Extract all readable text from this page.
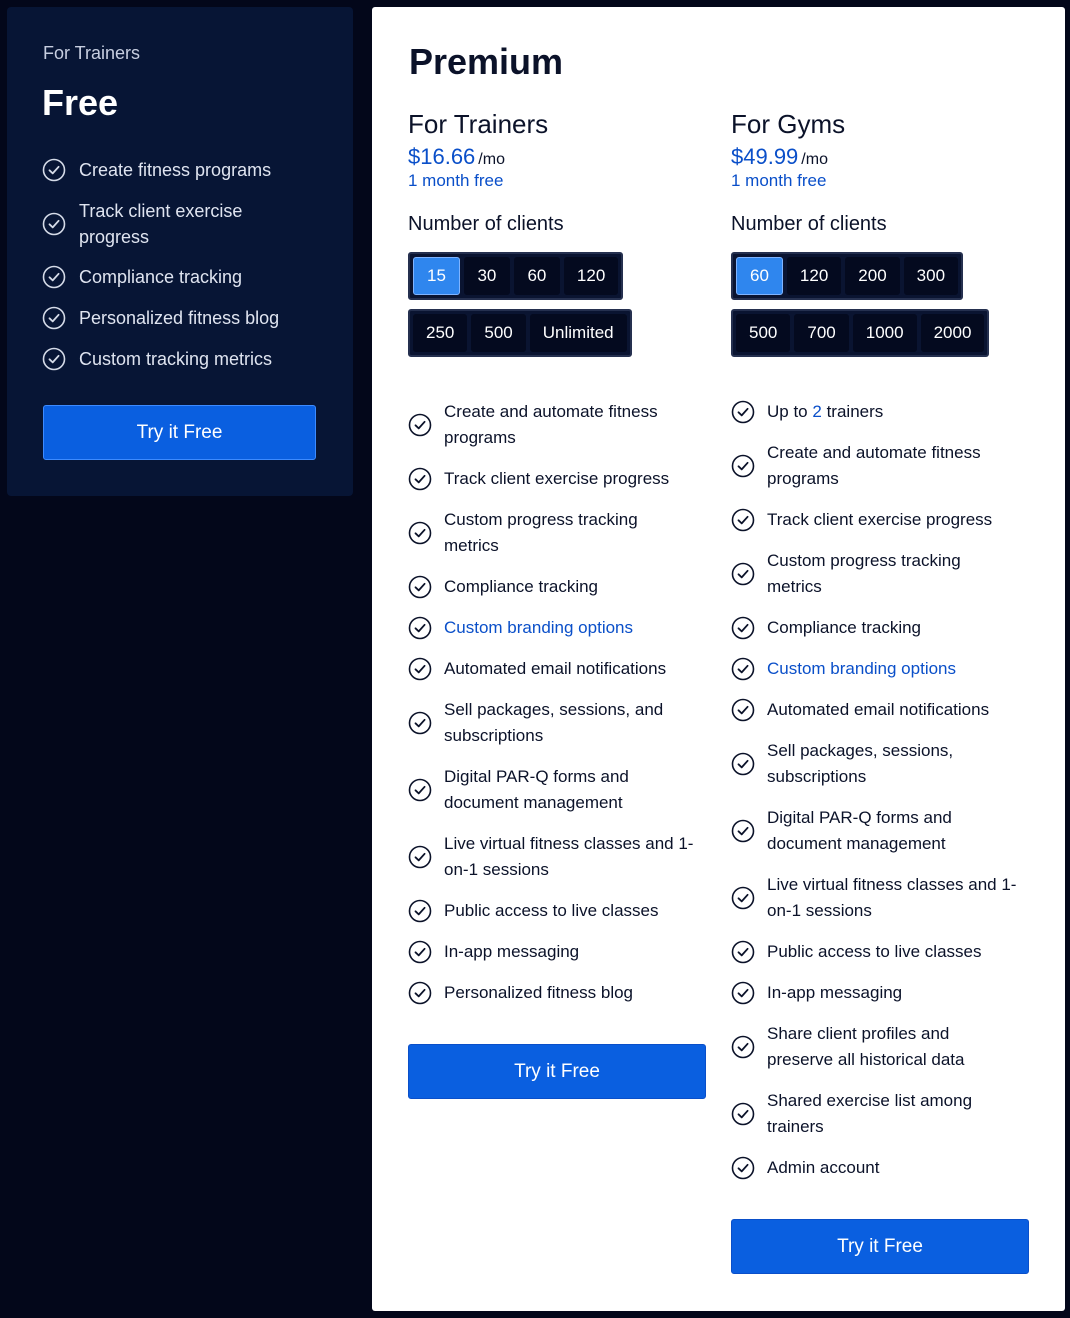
For Trainers
Free
Create fitness programs
Track client exercise progress
Compliance tracking
Personalized fitness blog
Custom tracking metrics
Try it Free
Premium
For Trainers
$16.66 /mo
1 month free
Number of clients
15	30	60	120

250	500	Unlimited
Create and automate fitness programs
Track client exercise progress
Custom progress tracking metrics
Compliance tracking
Custom branding options
Automated email notifications
Sell packages, sessions, and subscriptions
Digital PAR-Q forms and document management
Live virtual fitness classes and 1-on-1 sessions
Public access to live classes
In-app messaging
Personalized fitness blog
Try it Free
For Gyms
$49.99 /mo
1 month free
Number of clients
60	120	200	300

500	700	1000	2000
Up to 2 trainers
Create and automate fitness programs
Track client exercise progress
Custom progress tracking metrics
Compliance tracking
Custom branding options
Automated email notifications
Sell packages, sessions, subscriptions
Digital PAR-Q forms and document management
Live virtual fitness classes and 1-on-1 sessions
Public access to live classes
In-app messaging
Share client profiles and preserve all historical data
Shared exercise list among trainers
Admin account
Try it Free
